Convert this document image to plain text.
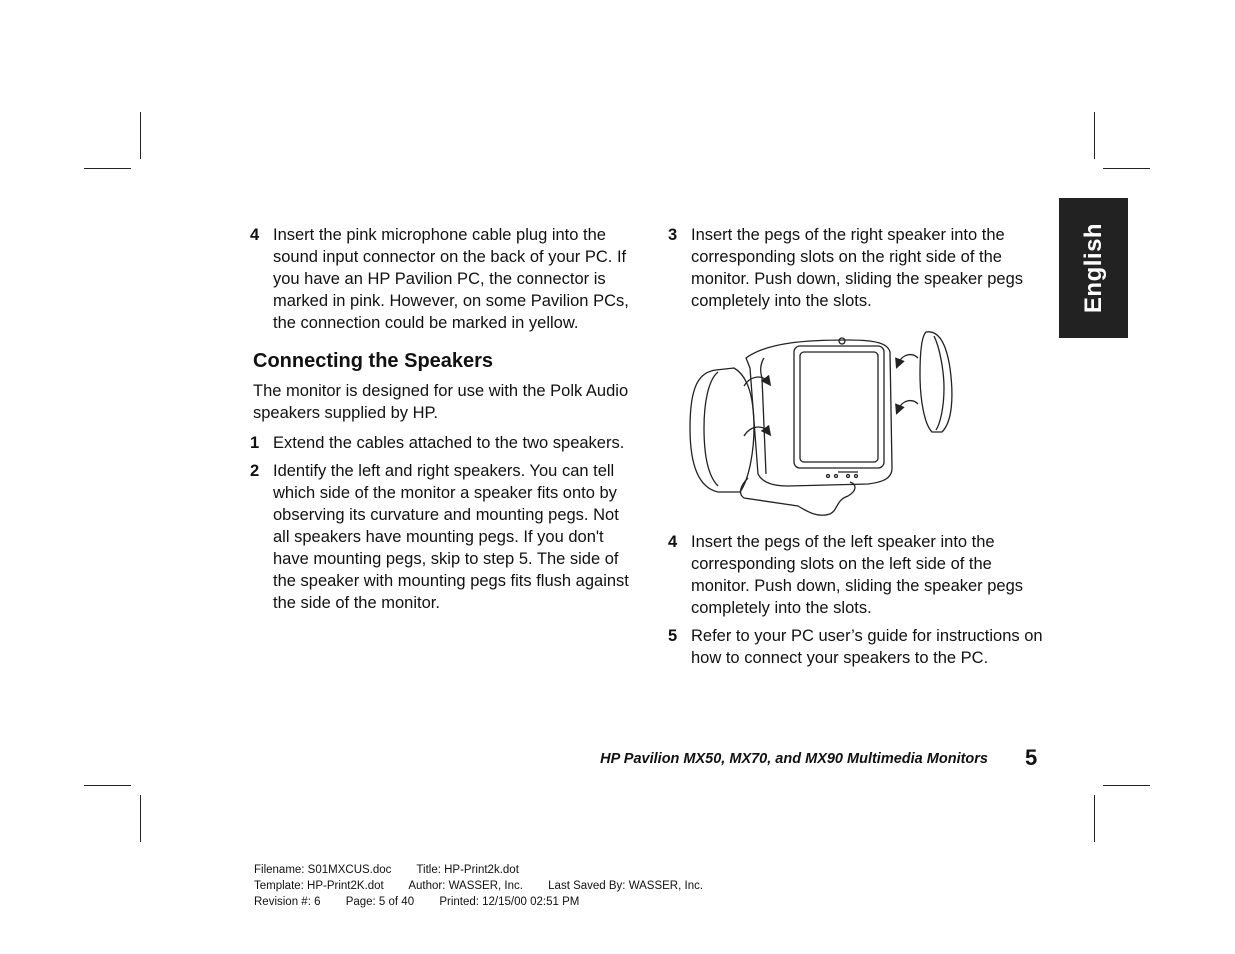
4 Insert the pink microphone cable plug into the sound input connector on the back of your PC. If you have an HP Pavilion PC, the connector is marked in pink. However, on some Pavilion PCs, the connection could be marked in yellow.
Connecting the Speakers
The monitor is designed for use with the Polk Audio speakers supplied by HP.
1 Extend the cables attached to the two speakers.
2 Identify the left and right speakers. You can tell which side of the monitor a speaker fits onto by observing its curvature and mounting pegs. Not all speakers have mounting pegs. If you don't have mounting pegs, skip to step 5. The side of the speaker with mounting pegs fits flush against the side of the monitor.
3 Insert the pegs of the right speaker into the corresponding slots on the right side of the monitor. Push down, sliding the speaker pegs completely into the slots.
4 Insert the pegs of the left speaker into the corresponding slots on the left side of the monitor. Push down, sliding the speaker pegs completely into the slots.
5 Refer to your PC user’s guide for instructions on how to connect your speakers to the PC.
English
HP Pavilion MX50, MX70, and MX90 Multimedia Monitors 5
Filename: S01MXCUS.doc Title: HP-Print2k.dot
Template: HP-Print2K.dot Author: WASSER, Inc. Last Saved By: WASSER, Inc.
Revision #: 6 Page: 5 of 40 Printed: 12/15/00 02:51 PM
